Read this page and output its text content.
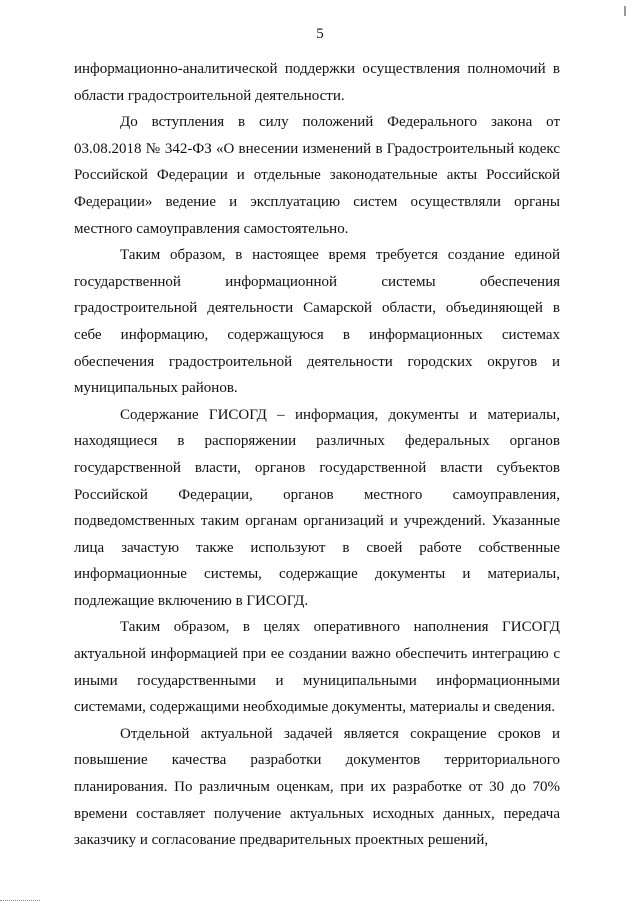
5

информационно-аналитической поддержки осуществления полномочий в области градостроительной деятельности.

До вступления в силу положений Федерального закона от 03.08.2018 № 342-ФЗ «О внесении изменений в Градостроительный кодекс Российской Федерации и отдельные законодательные акты Российской Федерации» ведение и эксплуатацию систем осуществляли органы местного самоуправления самостоятельно.

Таким образом, в настоящее время требуется создание единой государственной информационной системы обеспечения градостроительной деятельности Самарской области, объединяющей в себе информацию, содержащуюся в информационных системах обеспечения градостроительной деятельности городских округов и муниципальных районов.

Содержание ГИСОГД – информация, документы и материалы, находящиеся в распоряжении различных федеральных органов государственной власти, органов государственной власти субъектов Российской Федерации, органов местного самоуправления, подведомственных таким органам организаций и учреждений. Указанные лица зачастую также используют в своей работе собственные информационные системы, содержащие документы и материалы, подлежащие включению в ГИСОГД.

Таким образом, в целях оперативного наполнения ГИСОГД актуальной информацией при ее создании важно обеспечить интеграцию с иными государственными и муниципальными информационными системами, содержащими необходимые документы, материалы и сведения.

Отдельной актуальной задачей является сокращение сроков и повышение качества разработки документов территориального планирования. По различным оценкам, при их разработке от 30 до 70% времени составляет получение актуальных исходных данных, передача заказчику и согласование предварительных проектных решений,
